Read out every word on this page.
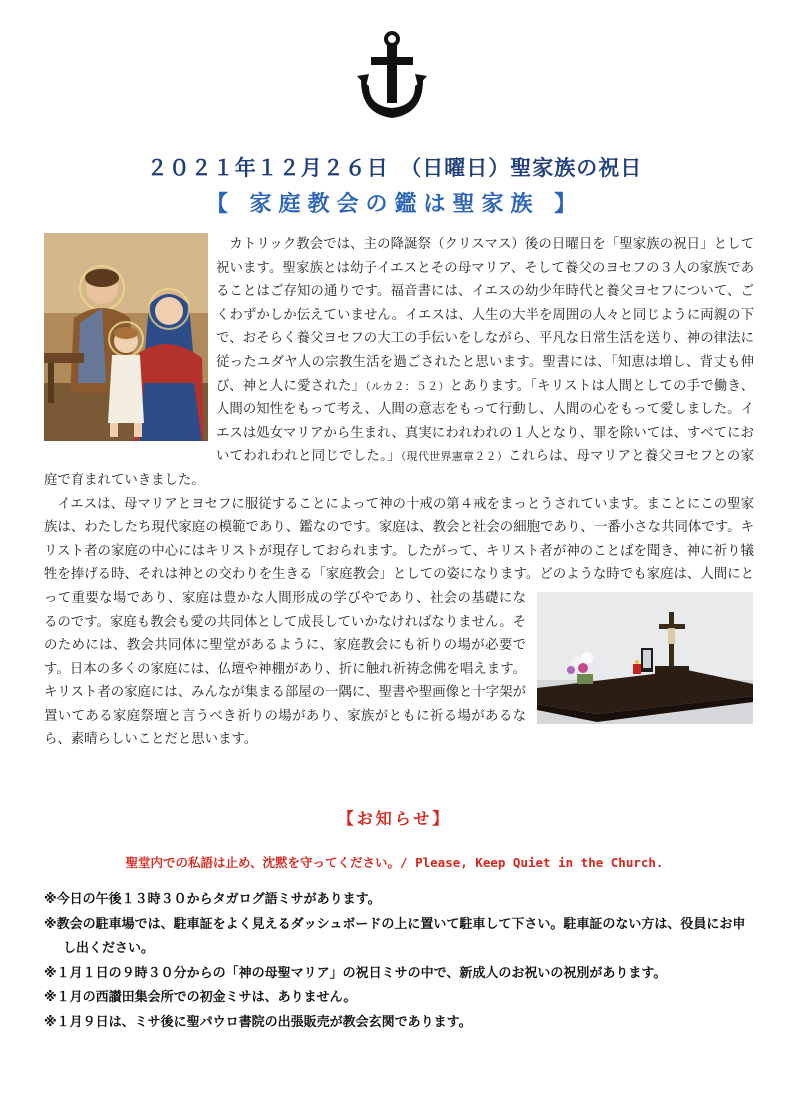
２０２１年１２月２６日　（日曜日）聖家族の祝日
【 家庭教会の鑑は聖家族 】

カトリック教会では、主の降誕祭（クリスマス）後の日曜日を「聖家族の祝日」として祝います。聖家族とは幼子イエスとその母マリア、そして養父のヨセフの３人の家族であることはご存知の通りです。福音書には、イエスの幼少年時代と養父ヨセフについて、ごくわずかしか伝えていません。イエスは、人生の大半を周囲の人々と同じように両親の下で、おそらく養父ヨセフの大工の手伝いをしながら、平凡な日常生活を送り、神の律法に従ったユダヤ人の宗教生活を過ごされたと思います。聖書には、「知恵は増し、背丈も伸び、神と人に愛された」（ルカ２：５２）とあります。「キリストは人間としての手で働き、人間の知性をもって考え、人間の意志をもって行動し、人間の心をもって愛しました。イエスは処女マリアから生まれ、真実にわれわれの１人となり、罪を除いては、すべてにおいてわれわれと同じでした。」（現代世界憲章２２）これらは、母マリアと養父ヨセフとの家庭で育まれていきました。

イエスは、母マリアとヨセフに服従することによって神の十戒の第４戒をまっとうされています。まことにこの聖家族は、わたしたち現代家庭の模範であり、鑑なのです。家庭は、教会と社会の細胞であり、一番小さな共同体です。キリスト者の家庭の中心にはキリストが現存しておられます。したがって、キリスト者が神のことばを聞き、神に祈り犠牲を捧げる時、それは神との交わりを生きる「家庭教会」としての姿になります。どのような時でも家庭は、人間にとって重要な場であり、家庭は豊かな人間形成の学びやであり、社会の基礎になるのです。家庭も教会も愛の共同体として成長していかなければなりません。そのためには、教会共同体に聖堂があるように、家庭教会にも祈りの場が必要です。日本の多くの家庭には、仏壇や神棚があり、折に触れ祈祷念佛を唱えます。キリスト者の家庭には、みんなが集まる部屋の一隅に、聖書や聖画像と十字架が置いてある家庭祭壇と言うべき祈りの場があり、家族がともに祈る場があるなら、素晴らしいことだと思います。

【お知らせ】
聖堂内での私語は止め、沈黙を守ってください。/ Please, Keep Quiet in the Church.
※今日の午後１３時３０からタガログ語ミサがあります。
※教会の駐車場では、駐車証をよく見えるダッシュボードの上に置いて駐車して下さい。駐車証のない方は、役員にお申し出ください。
※１月１日の９時３０分からの「神の母聖マリア」の祝日ミサの中で、新成人のお祝いの祝別があります。
※１月の西讃田集会所での初金ミサは、ありません。
※１月９日は、ミサ後に聖パウロ書院の出張販売が教会玄関であります。
